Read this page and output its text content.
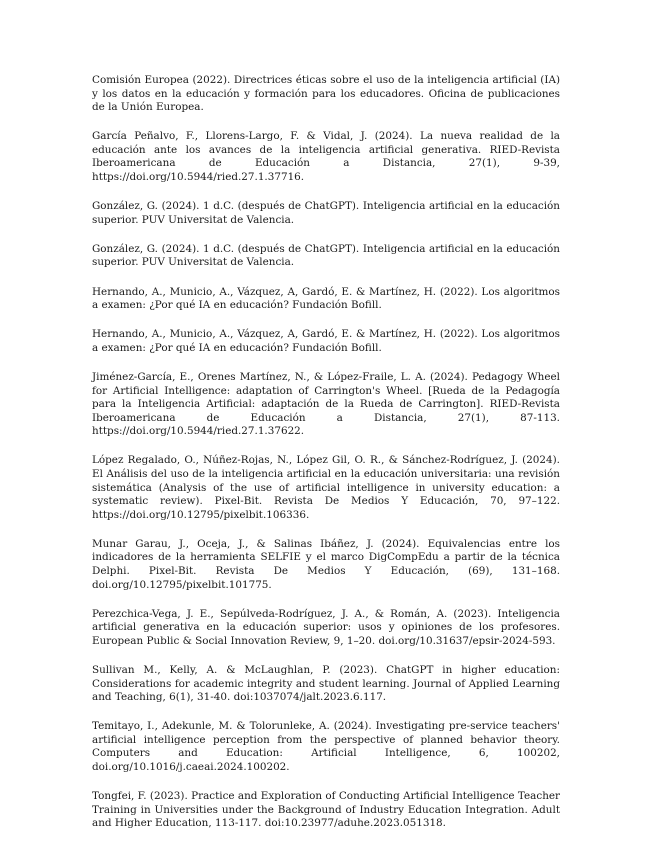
Comisión Europea (2022). Directrices éticas sobre el uso de la inteligencia artificial (IA) y los datos en la educación y formación para los educadores. Oficina de publicaciones de la Unión Europea.

García Peñalvo, F., Llorens-Largo, F. & Vidal, J. (2024). La nueva realidad de la educación ante los avances de la inteligencia artificial generativa. RIED-Revista Iberoamericana de Educación a Distancia, 27(1), 9-39, https://doi.org/10.5944/ried.27.1.37716.

González, G. (2024). 1 d.C. (después de ChatGPT). Inteligencia artificial en la educación superior. PUV Universitat de Valencia.

González, G. (2024). 1 d.C. (después de ChatGPT). Inteligencia artificial en la educación superior. PUV Universitat de Valencia.

Hernando, A., Municio, A., Vázquez, A, Gardó, E. & Martínez, H. (2022). Los algoritmos a examen: ¿Por qué IA en educación? Fundación Bofill.

Hernando, A., Municio, A., Vázquez, A, Gardó, E. & Martínez, H. (2022). Los algoritmos a examen: ¿Por qué IA en educación? Fundación Bofill.

Jiménez-García, E., Orenes Martínez, N., & López-Fraile, L. A. (2024). Pedagogy Wheel for Artificial Intelligence: adaptation of Carrington's Wheel. [Rueda de la Pedagogía para la Inteligencia Artificial: adaptación de la Rueda de Carrington]. RIED-Revista Iberoamericana de Educación a Distancia, 27(1), 87-113. https://doi.org/10.5944/ried.27.1.37622.

López Regalado, O., Núñez-Rojas, N., López Gil, O. R., & Sánchez-Rodríguez, J. (2024). El Análisis del uso de la inteligencia artificial en la educación universitaria: una revisión sistemática (Analysis of the use of artificial intelligence in university education: a systematic review). Pixel-Bit. Revista De Medios Y Educación, 70, 97–122. https://doi.org/10.12795/pixelbit.106336.

Munar Garau, J., Oceja, J., & Salinas Ibáñez, J. (2024). Equivalencias entre los indicadores de la herramienta SELFIE y el marco DigCompEdu a partir de la técnica Delphi. Pixel-Bit. Revista De Medios Y Educación, (69), 131–168. doi.org/10.12795/pixelbit.101775.

Perezchica-Vega, J. E., Sepúlveda-Rodríguez, J. A., & Román, A. (2023). Inteligencia artificial generativa en la educación superior: usos y opiniones de los profesores. European Public & Social Innovation Review, 9, 1–20. doi.org/10.31637/epsir-2024-593.

Sullivan M., Kelly, A. & McLaughlan, P. (2023). ChatGPT in higher education: Considerations for academic integrity and student learning. Journal of Applied Learning and Teaching, 6(1), 31-40. doi:1037074/jalt.2023.6.117.

Temitayo, I., Adekunle, M. & Tolorunleke, A. (2024). Investigating pre-service teachers' artificial intelligence perception from the perspective of planned behavior theory. Computers and Education: Artificial Intelligence, 6, 100202, doi.org/10.1016/j.caeai.2024.100202.

Tongfei, F. (2023). Practice and Exploration of Conducting Artificial Intelligence Teacher Training in Universities under the Background of Industry Education Integration. Adult and Higher Education, 113-117. doi:10.23977/aduhe.2023.051318.
